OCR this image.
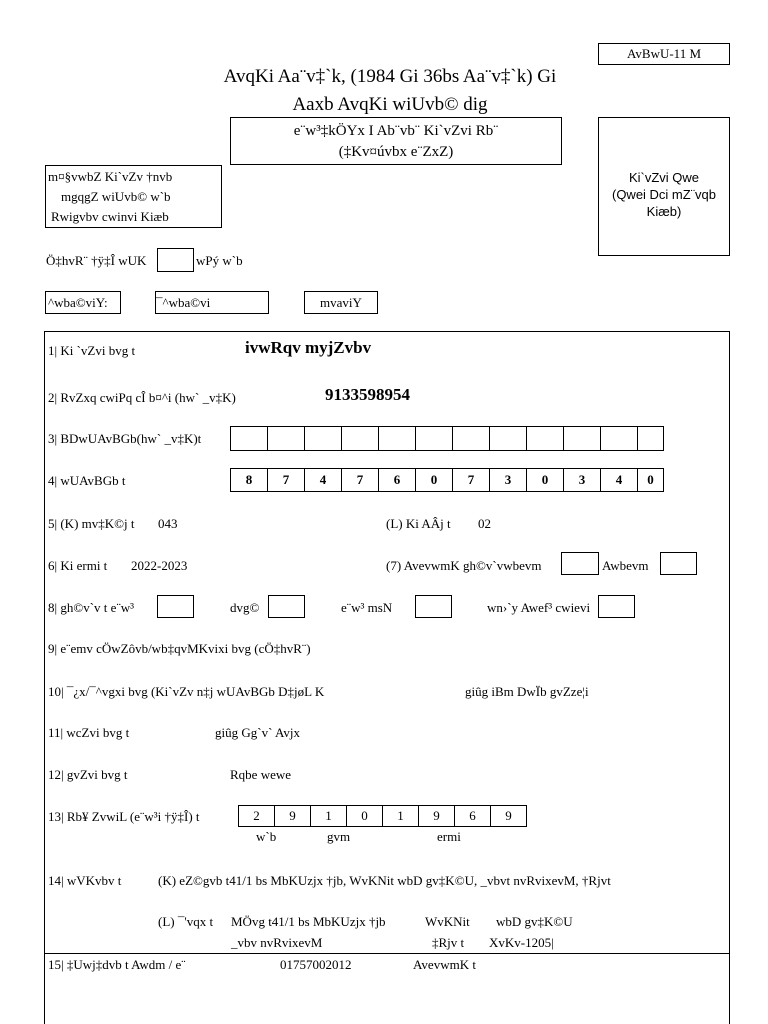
AvBwU-11 M
AvqKi Aa¨v‡`k, (1984 Gi 36bs Aa¨v‡`k) Gi
Aaxb AvqKi wiUvb© dig
e¨w³‡kÖYx I Ab¨vb¨ Ki`vZvi Rb¨
(‡Kv¤úvbx e¨ZxZ)
Ki`vZvi Qwe
(Qwei Dci mZ¨vqb
Kiæb)
m¤§vwbZ Ki`vZv †nvb
mgqgZ wiUvb© w`b
Rwigvbv cwinvi Kiæb
Ö‡hvR¨ †ÿ‡Î wUK	wPý w`b
^wba©viY:	¯^wba©vi	mvaviY
1| Ki `vZvi bvg t	ivwRqv myjZvbv
2| RvZxq cwiPq cÎ b¤^i (hw` _v‡K)	9133598954
3| BDwUAvBGb(hw` _v‡K)t
4| wUAvBGb t	8	7	4	7	6	0	7	3	0	3	4	0
5| (K) mv‡K©j t 043	(L) Ki AÂj t 02
6| Ki ermi t 2022-2023	(7) AvevwmK gh©v`vwbevm	Awbevm
8| gh©v`v t e¨w³	dvg©	e¨w³ msN	wn›`y Awef³ cwievi
9| e¨emv cÖwZôvb/wb‡qvMKvixi bvg (cÖ‡hvR¨)
10| ¯¿x/¯^vgxi bvg (Ki`vZv n‡j wUAvBGb D‡jøL K	giûg iBm DwÏb gvZze¦i
11| wcZvi bvg t	giûg Gg`v` Avjx
12| gvZvi bvg t	Rqbe wewe
13| Rb¥ ZvwiL (e¨w³i †ÿ‡Î) t	2	9	1	0	1	9	6	9
w`b	gvm	ermi
14| wVKvbv t	(K) eZ©gvb t41/1 bs MbKUzjx †jb, WvKNit wbD gv‡K©U, _vbvt nvRvixevM, †Rjvt
(L) ¯'vqx t MÖvg t41/1 bs MbKUzjx †jb	WvKNit wbD gv‡K©U
_vbv nvRvixevM	‡Rjv t XvKv-1205|
15| ‡Uwj‡dvb t Awdm / e¨	01757002012	AvevwmK t
